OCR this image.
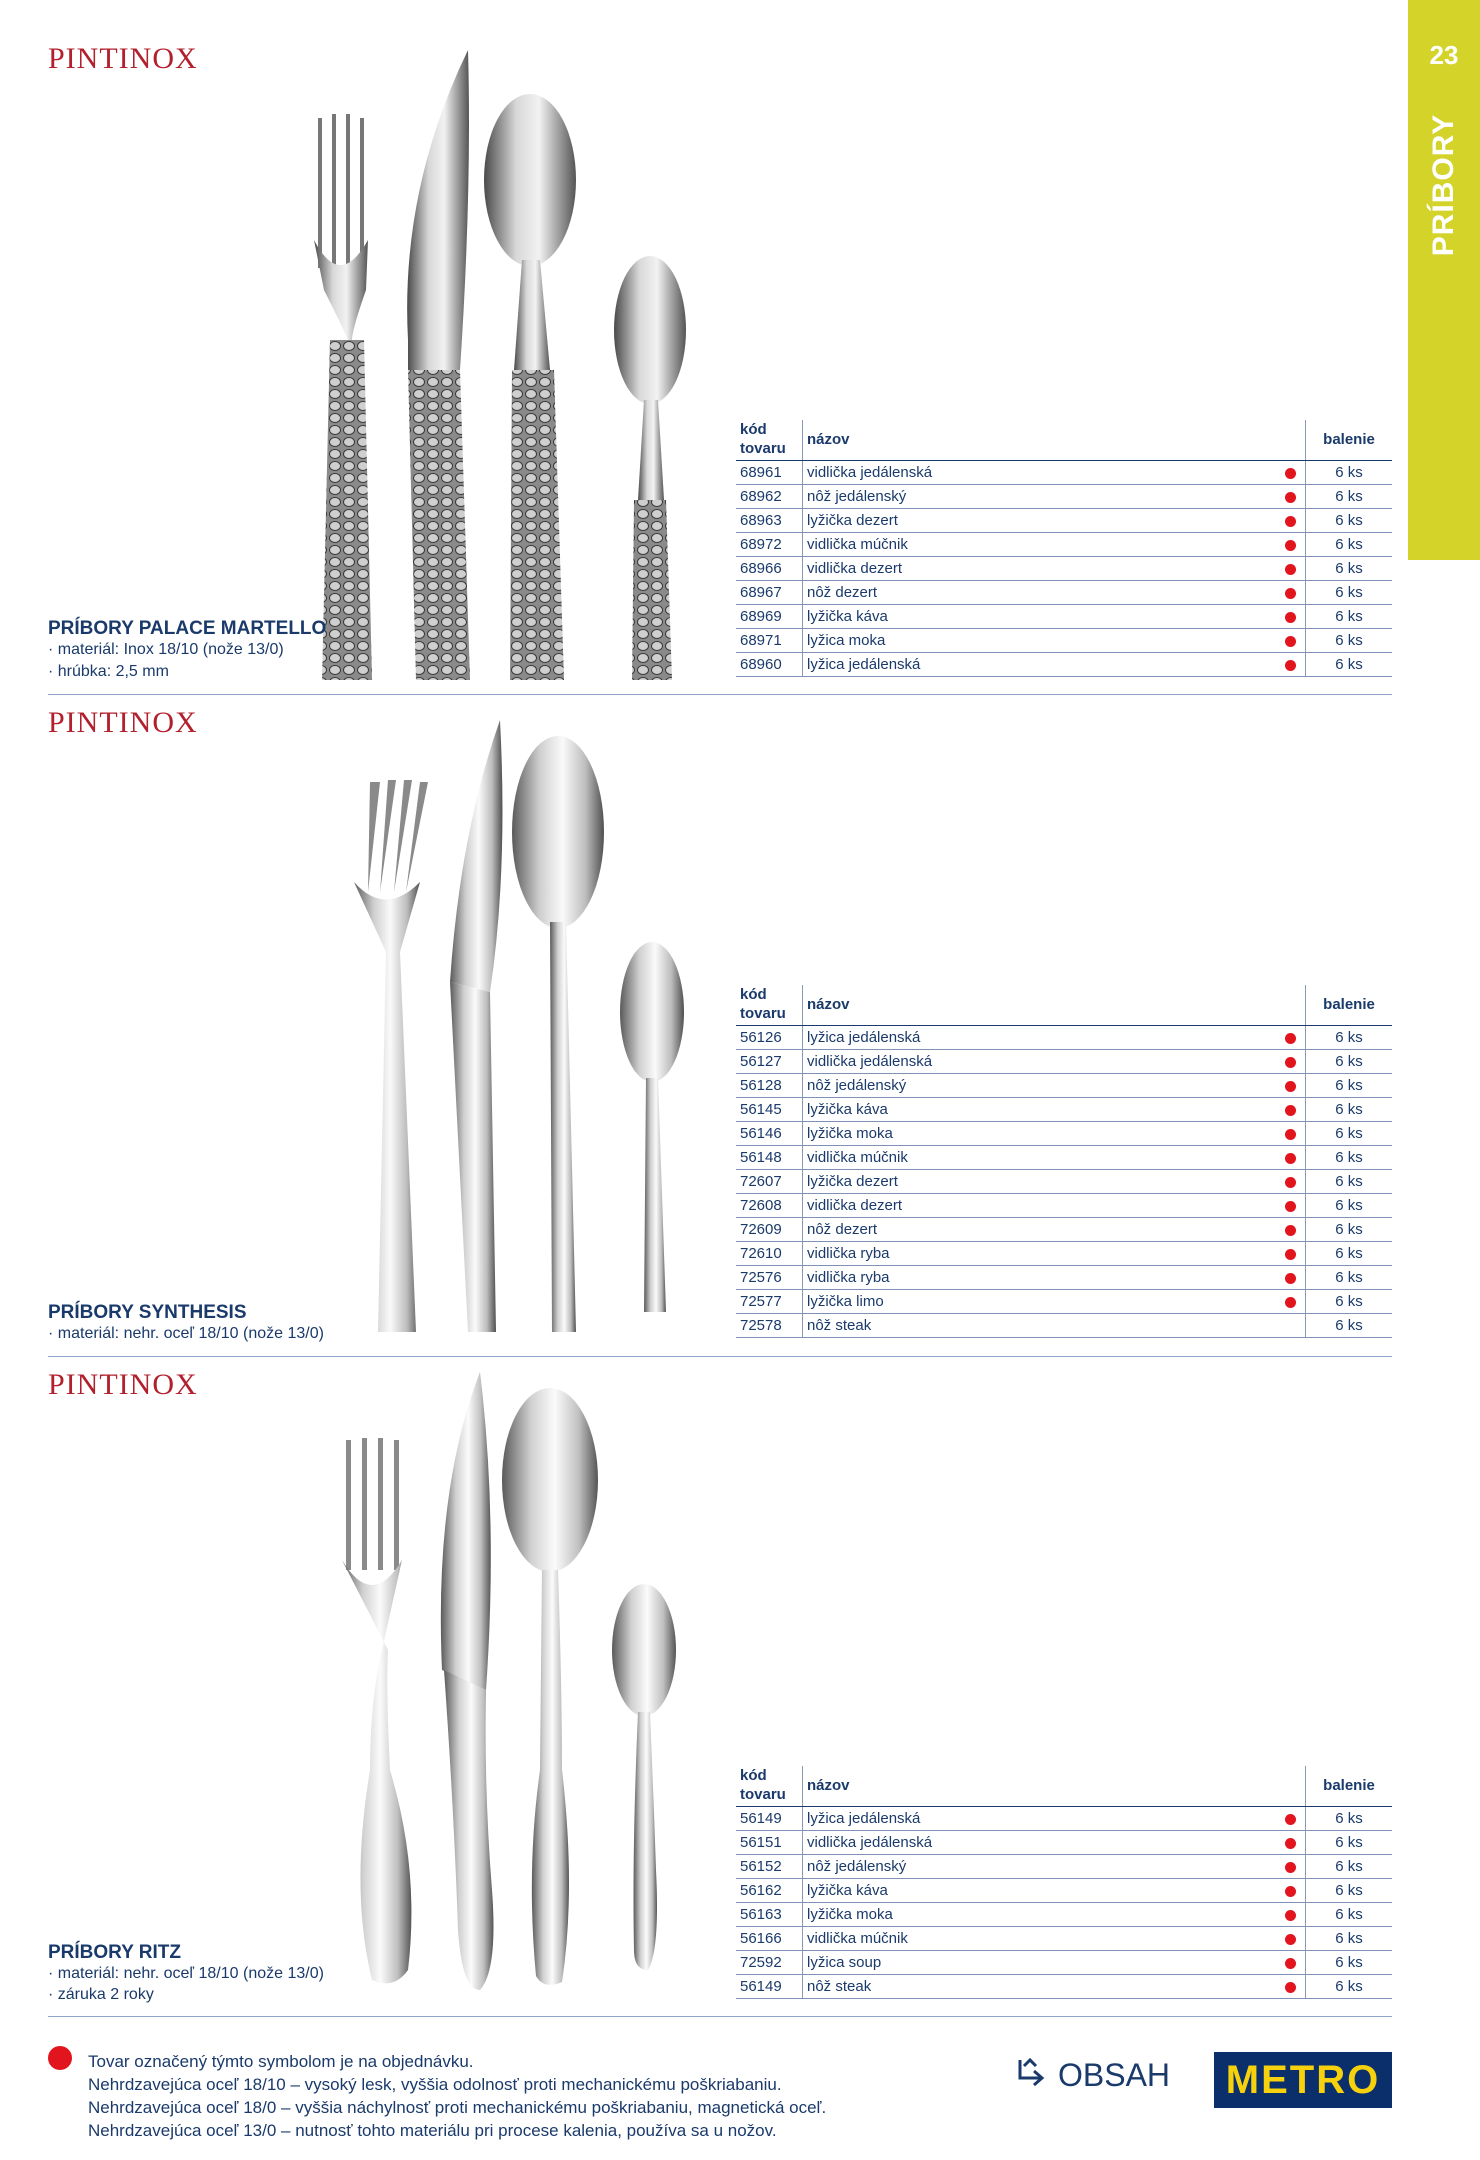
23
PRÍBORY
PINTINOX
PRÍBORY PALACE MARTELLO
· materiál: Inox 18/10 (nože 13/0)
· hrúbka: 2,5 mm
kód tovaru	názov		balenie
68961	vidlička jedálenská		6 ks
68962	nôž jedálenský		6 ks
68963	lyžička dezert		6 ks
68972	vidlička múčnik		6 ks
68966	vidlička dezert		6 ks
68967	nôž dezert		6 ks
68969	lyžička káva		6 ks
68971	lyžica moka		6 ks
68960	lyžica jedálenská		6 ks
PINTINOX
PRÍBORY SYNTHESIS
· materiál: nehr. oceľ 18/10 (nože 13/0)
kód tovaru	názov		balenie
56126	lyžica jedálenská		6 ks
56127	vidlička jedálenská		6 ks
56128	nôž jedálenský		6 ks
56145	lyžička káva		6 ks
56146	lyžička moka		6 ks
56148	vidlička múčnik		6 ks
72607	lyžička dezert		6 ks
72608	vidlička dezert		6 ks
72609	nôž dezert		6 ks
72610	vidlička ryba		6 ks
72576	vidlička ryba		6 ks
72577	lyžička limo		6 ks
72578	nôž steak		6 ks
PINTINOX
PRÍBORY RITZ
· materiál: nehr. oceľ 18/10 (nože 13/0)
· záruka 2 roky
kód tovaru	názov		balenie
56149	lyžica jedálenská		6 ks
56151	vidlička jedálenská		6 ks
56152	nôž jedálenský		6 ks
56162	lyžička káva		6 ks
56163	lyžička moka		6 ks
56166	vidlička múčnik		6 ks
72592	lyžica soup		6 ks
56149	nôž steak		6 ks
Tovar označený týmto symbolom je na objednávku.
Nehrdzavejúca oceľ 18/10 – vysoký lesk, vyššia odolnosť proti mechanickému poškriabaniu.
Nehrdzavejúca oceľ 18/0 – vyššia náchylnosť proti mechanickému poškriabaniu, magnetická oceľ.
Nehrdzavejúca oceľ 13/0 – nutnosť tohto materiálu pri procese kalenia, používa sa u nožov.
OBSAH METRO
